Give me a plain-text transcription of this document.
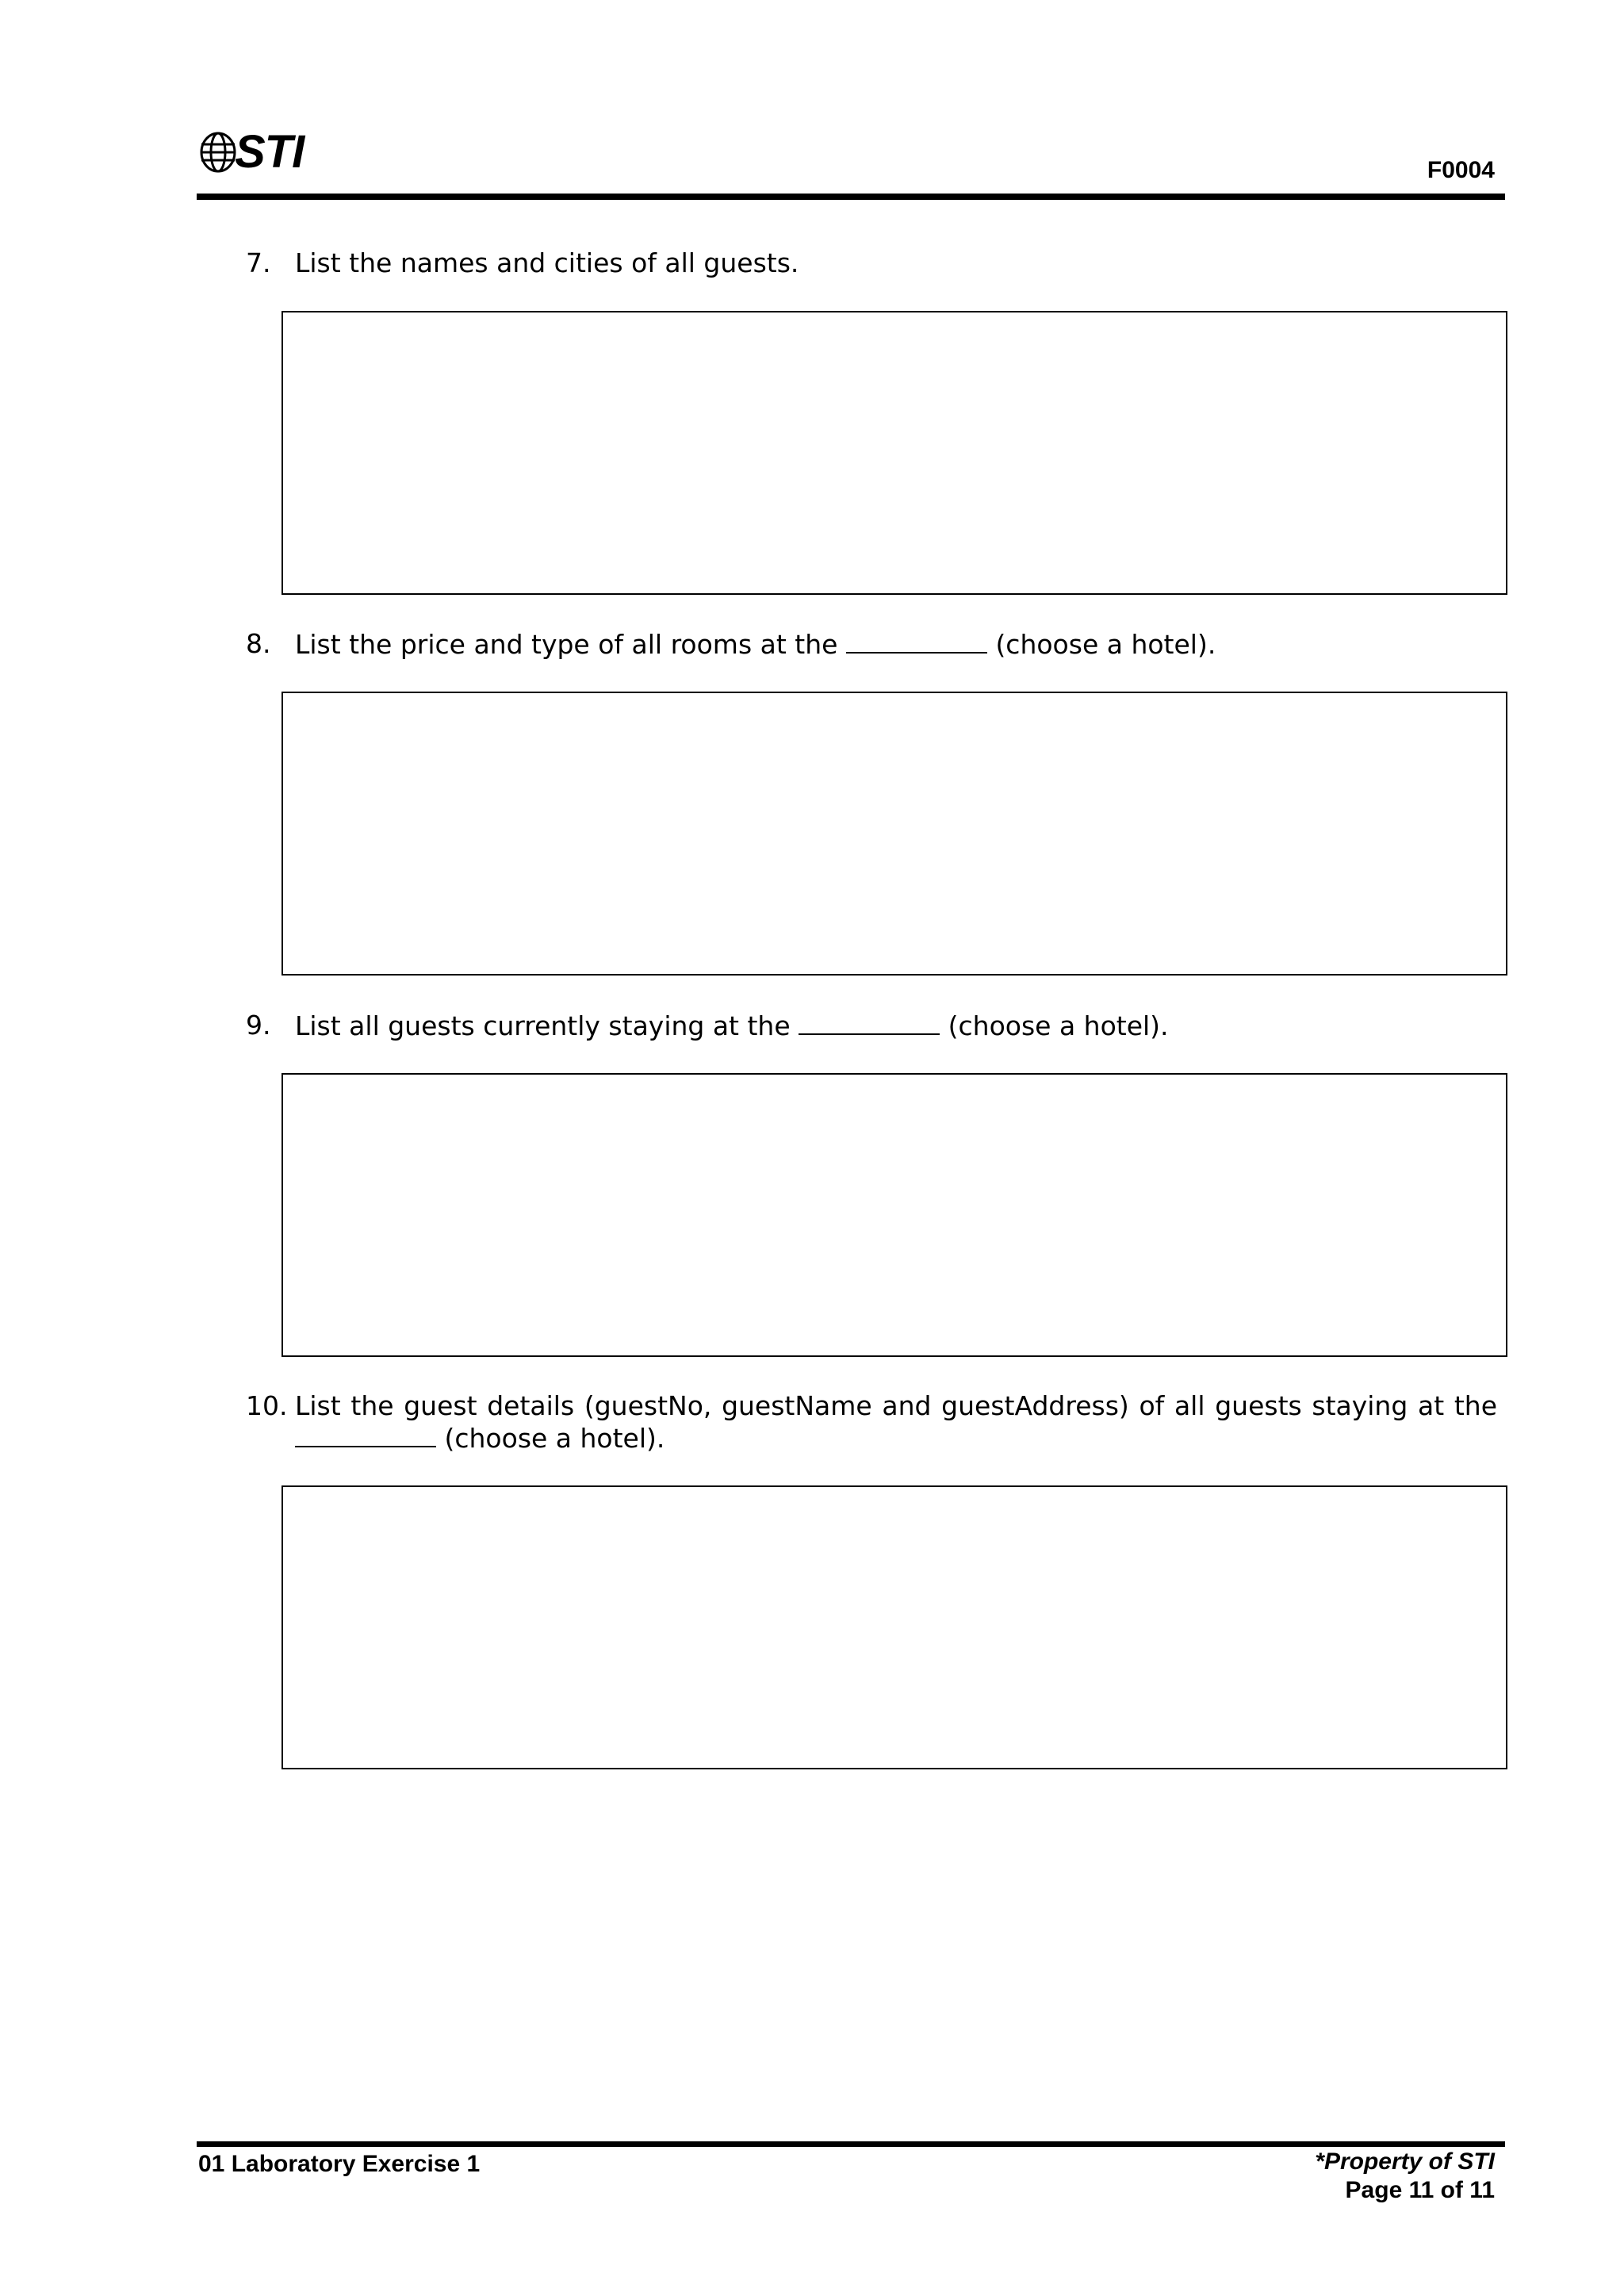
STI	F0004
7. List the names and cities of all guests.
8. List the price and type of all rooms at the	(choose a hotel).
9. List all guests currently staying at the	(choose a hotel).
10. List the guest details (guestNo, guestName and guestAddress) of all guests staying at the  (choose a hotel).
01 Laboratory Exercise 1	*Property of STI
Page 11 of 11
